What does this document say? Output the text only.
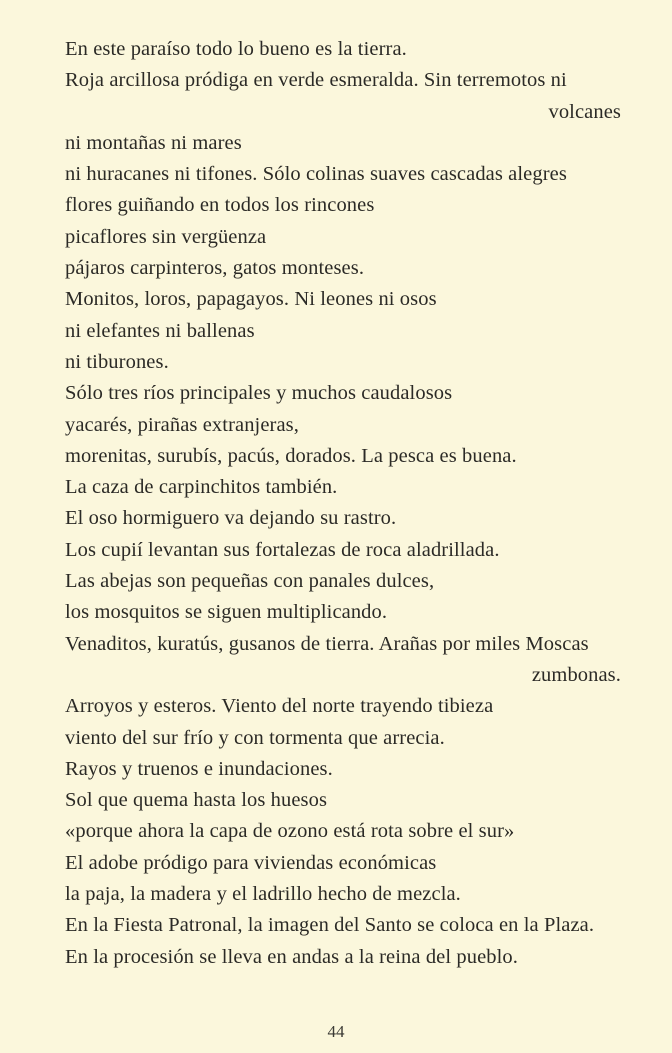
En este paraíso todo lo bueno es la tierra.
Roja arcillosa pródiga en verde esmeralda. Sin terremotos ni
volcanes
ni montañas ni mares
ni huracanes ni tifones. Sólo colinas suaves cascadas alegres
flores guiñando en todos los rincones
picaflores sin vergüenza
pájaros carpinteros, gatos monteses.
Monitos, loros, papagayos. Ni leones ni osos
ni elefantes ni ballenas
ni tiburones.
Sólo tres ríos principales y muchos caudalosos
yacarés, pirañas extranjeras,
morenitas, surubís, pacús, dorados. La pesca es buena.
La caza de carpinchitos también.
El oso hormiguero va dejando su rastro.
Los cupií levantan sus fortalezas de roca aladrillada.
Las abejas son pequeñas con panales dulces,
los mosquitos se siguen multiplicando.
Venaditos, kuratús, gusanos de tierra. Arañas por miles Moscas
zumbonas.
Arroyos y esteros. Viento del norte trayendo tibieza
viento del sur frío y con tormenta que arrecia.
Rayos y truenos e inundaciones.
Sol que quema hasta los huesos
«porque ahora la capa de ozono está rota sobre el sur»
El adobe pródigo para viviendas económicas
la paja, la madera y el ladrillo hecho de mezcla.
En la Fiesta Patronal, la imagen del Santo se coloca en la Plaza.
En la procesión se lleva en andas a la reina del pueblo.
44
